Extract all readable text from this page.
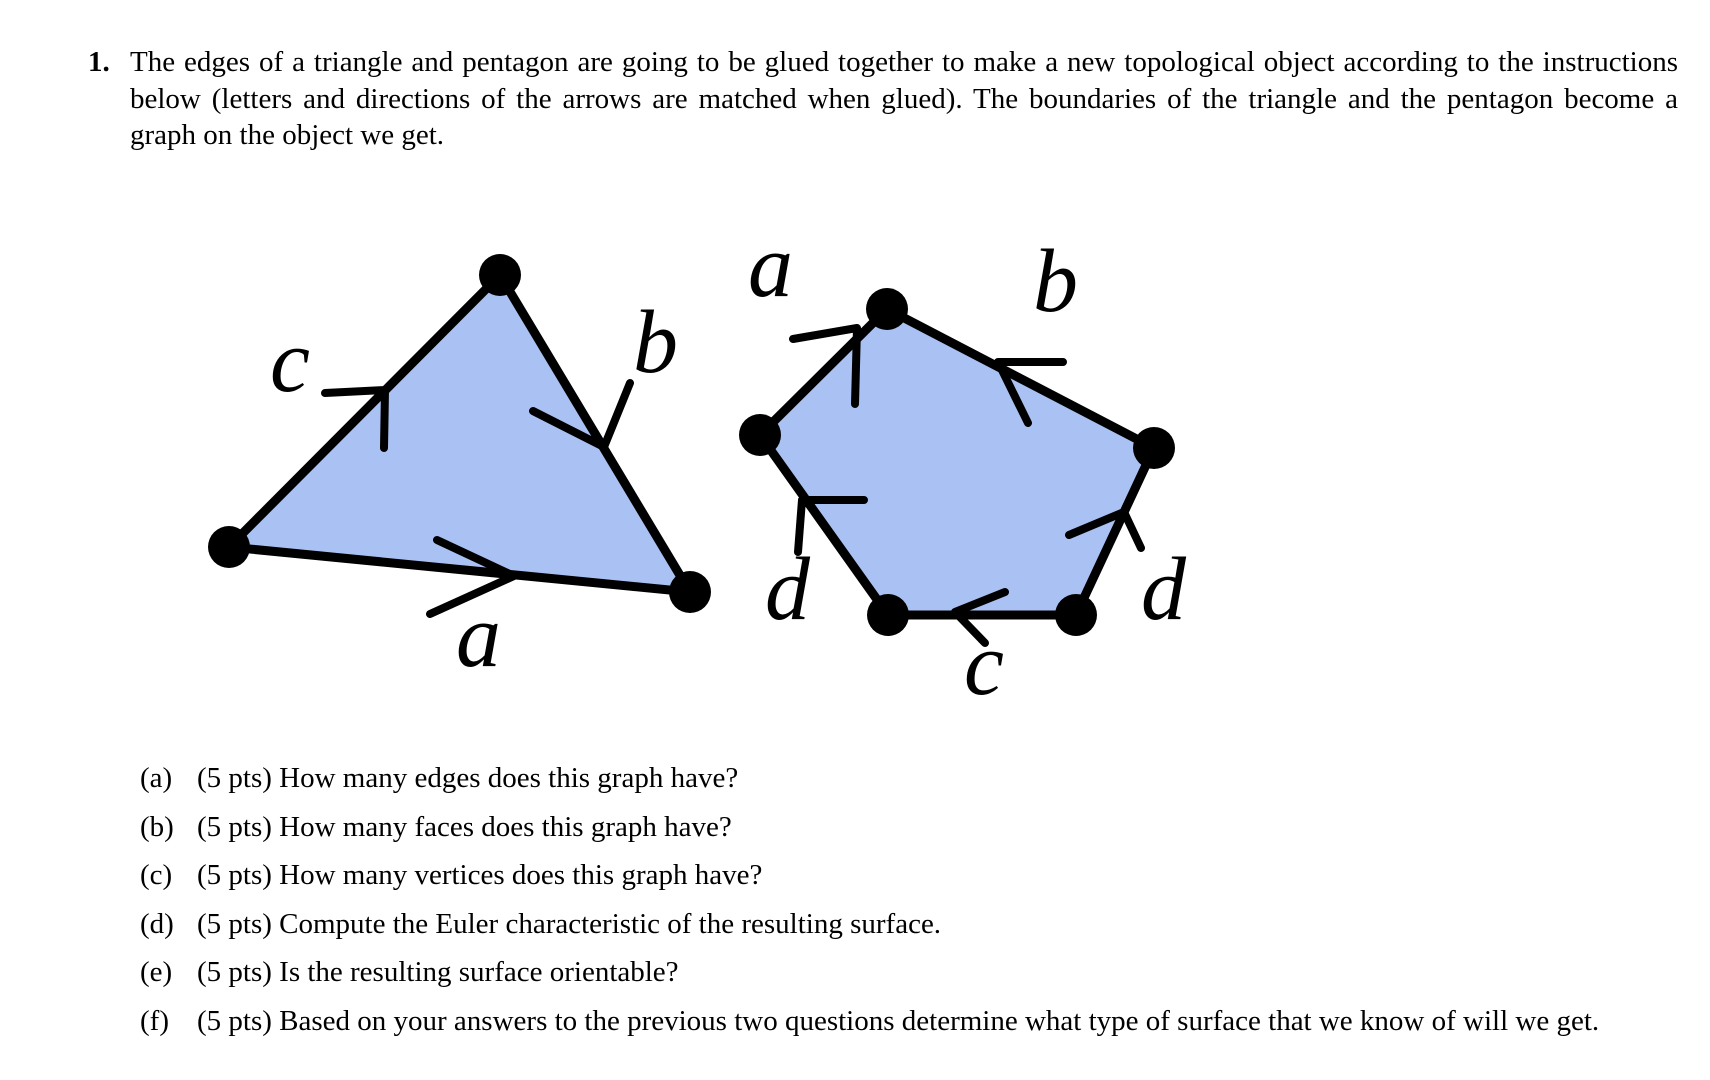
1. The edges of a triangle and pentagon are going to be glued together to make a new topological object according to the instructions below (letters and directions of the arrows are matched when glued). The boundaries of the triangle and the pentagon become a graph on the object we get.
c	b
a
a	b
d	d
c
(a) (5 pts) How many edges does this graph have?
(b) (5 pts) How many faces does this graph have?
(c) (5 pts) How many vertices does this graph have?
(d) (5 pts) Compute the Euler characteristic of the resulting surface.
(e) (5 pts) Is the resulting surface orientable?
(f) (5 pts) Based on your answers to the previous two questions determine what type of surface that we know of will we get.
